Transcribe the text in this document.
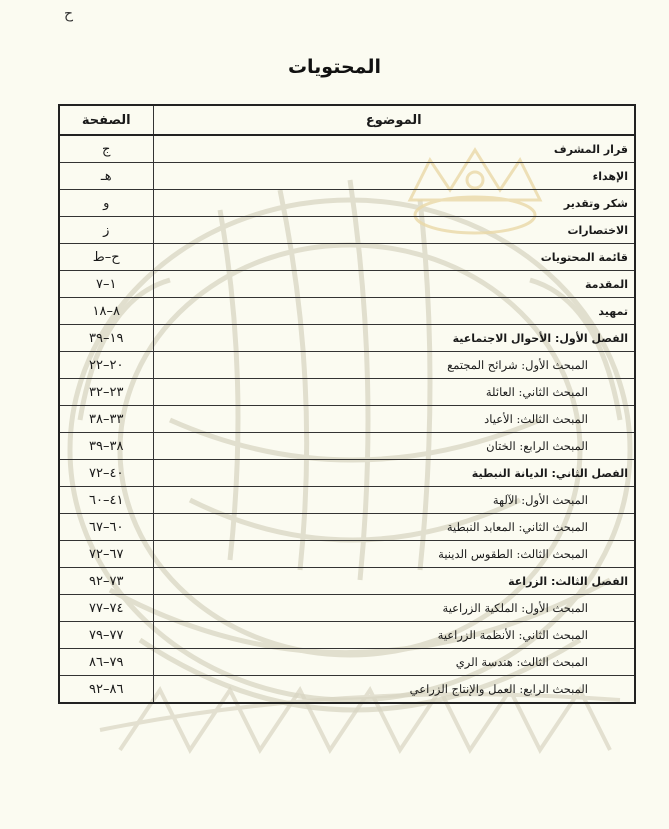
ح
المحتويات
الموضوع	الصفحة
قرار المشرف	ج
الإهداء	هـ
شكر وتقدير	و
الاختصارات	ز
قائمة المحتويات	ح–ط
المقدمة	١–٧
تمهيد	٨–١٨
الفصل الأول: الأحوال الاجتماعية	١٩–٣٩
المبحث الأول: شرائح المجتمع	٢٠–٢٢
المبحث الثاني: العائلة	٢٣–٣٢
المبحث الثالث: الأعياد	٣٣–٣٨
المبحث الرابع: الختان	٣٨–٣٩
الفصل الثاني: الديانة النبطية	٤٠–٧٢
المبحث الأول: الآلهة	٤١–٦٠
المبحث الثاني: المعابد النبطية	٦٠–٦٧
المبحث الثالث: الطقوس الدينية	٦٧–٧٢
الفصل الثالث: الزراعة	٧٣–٩٢
المبحث الأول: الملكية الزراعية	٧٤–٧٧
المبحث الثاني: الأنظمة الزراعية	٧٧–٧٩
المبحث الثالث: هندسة الري	٧٩–٨٦
المبحث الرابع: العمل والإنتاج الزراعي	٨٦–٩٢
